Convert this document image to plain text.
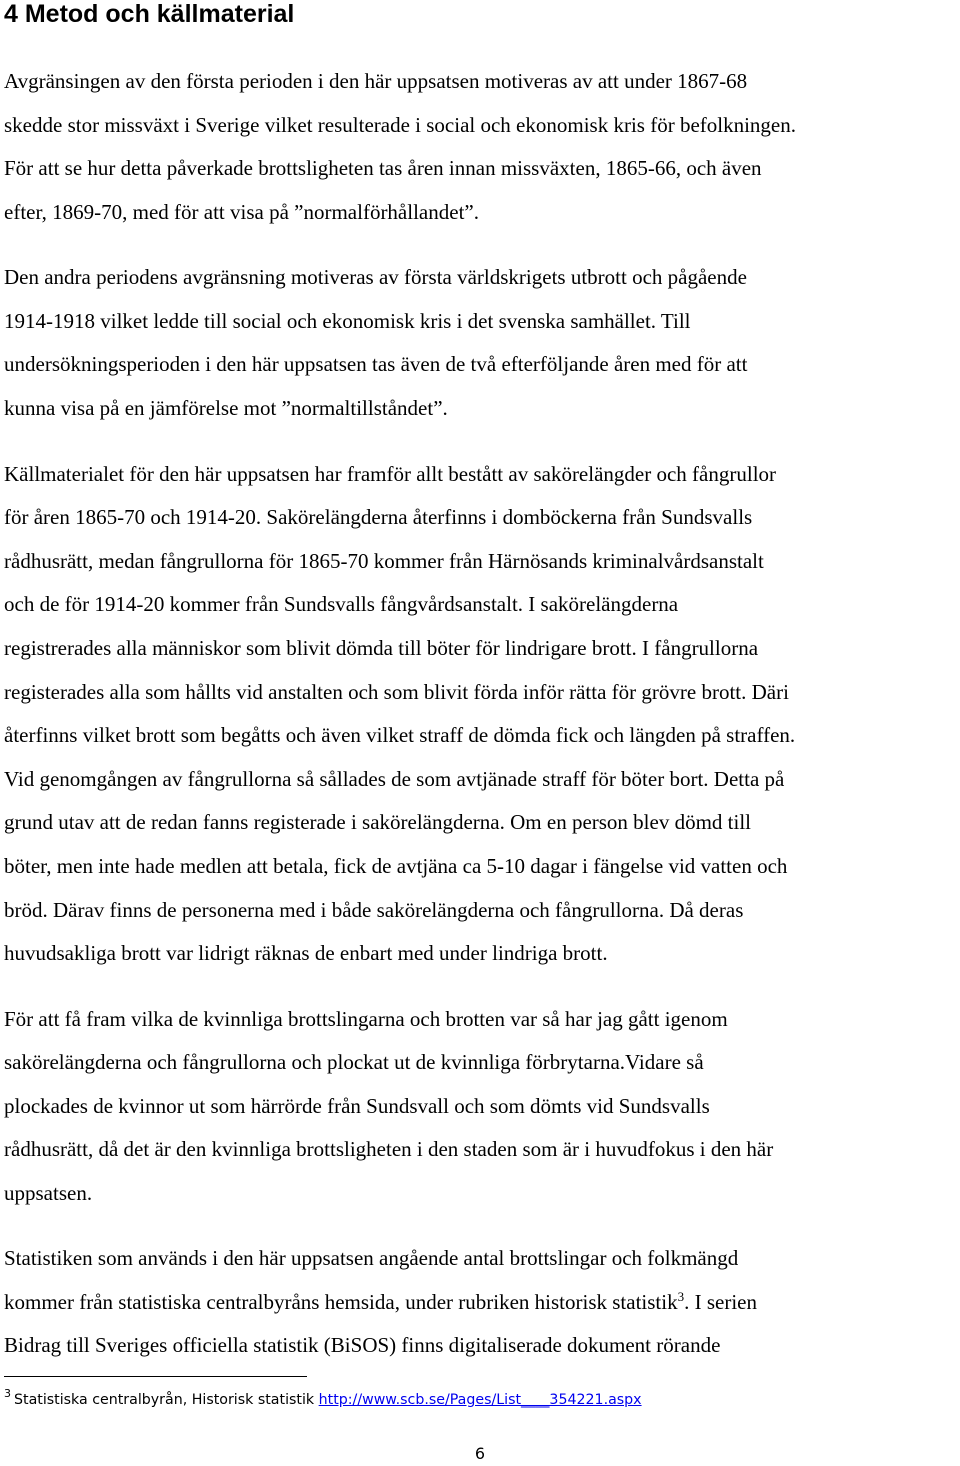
4 Metod och källmaterial

Avgränsingen av den första perioden i den här uppsatsen motiveras av att under 1867-68

skedde stor missväxt i Sverige vilket resulterade i social och ekonomisk kris för befolkningen.

För att se hur detta påverkade brottsligheten tas åren innan missväxten, 1865-66, och även

efter, 1869-70, med för att visa på ”normalförhållandet”.

Den andra periodens avgränsning motiveras av första världskrigets utbrott och pågående

1914-1918 vilket ledde till social och ekonomisk kris i det svenska samhället. Till

undersökningsperioden i den här uppsatsen tas även de två efterföljande åren med för att

kunna visa på en jämförelse mot ”normaltillståndet”.

Källmaterialet för den här uppsatsen har framför allt bestått av sakörelängder och fångrullor

för åren 1865-70 och 1914-20. Sakörelängderna återfinns i domböckerna från Sundsvalls

rådhusrätt, medan fångrullorna för 1865-70 kommer från Härnösands kriminalvårdsanstalt

och de för 1914-20 kommer från Sundsvalls fångvårdsanstalt. I sakörelängderna

registrerades alla människor som blivit dömda till böter för lindrigare brott. I fångrullorna

registerades alla som hållts vid anstalten och som blivit förda inför rätta för grövre brott. Däri

återfinns vilket brott som begåtts och även vilket straff de dömda fick och längden på straffen.

Vid genomgången av fångrullorna så sållades de som avtjänade straff för böter bort. Detta på

grund utav att de redan fanns registerade i sakörelängderna. Om en person blev dömd till

böter, men inte hade medlen att betala, fick de avtjäna ca 5-10 dagar i fängelse vid vatten och

bröd. Därav finns de personerna med i både sakörelängderna och fångrullorna. Då deras

huvudsakliga brott var lidrigt räknas de enbart med under lindriga brott.

För att få fram vilka de kvinnliga brottslingarna och brotten var så har jag gått igenom

sakörelängderna och fångrullorna och plockat ut de kvinnliga förbrytarna.Vidare så

plockades de kvinnor ut som härrörde från Sundsvall och som dömts vid Sundsvalls

rådhusrätt, då det är den kvinnliga brottsligheten i den staden som är i huvudfokus i den här

uppsatsen.

Statistiken som används i den här uppsatsen angående antal brottslingar och folkmängd

kommer från statistiska centralbyråns hemsida, under rubriken historisk statistik$^3$. I serien

Bidrag till Sveriges officiella statistik (BiSOS) finns digitaliserade dokument rörande

$^3$ Statistiska centralbyrån, Historisk statistik http://www.scb.se/Pages/List____354221.aspx

6
